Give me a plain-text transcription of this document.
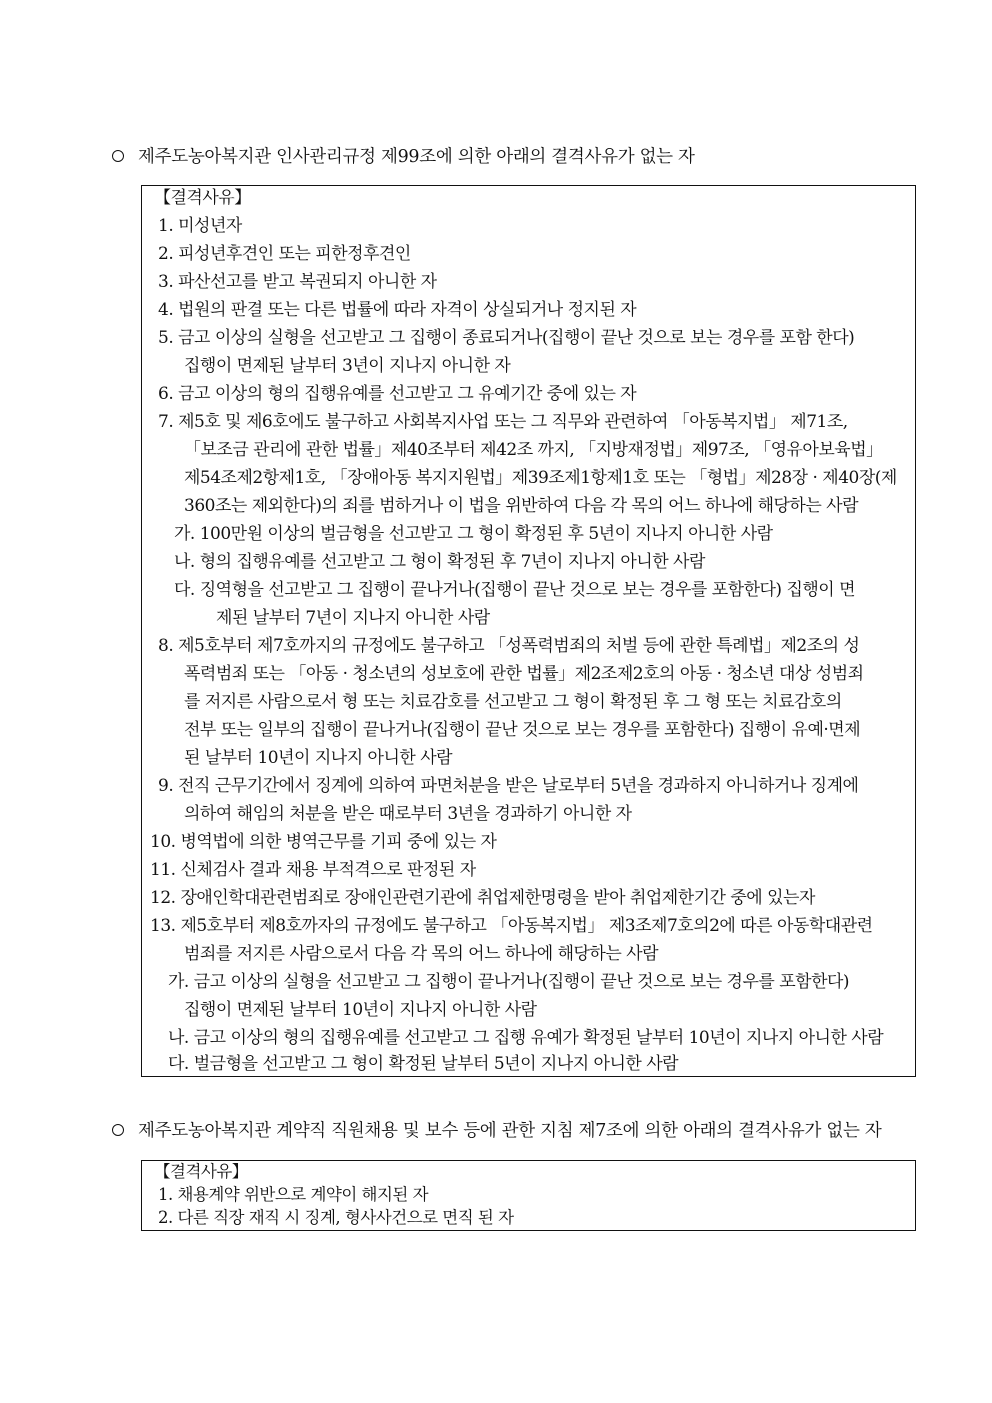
제주도농아복지관 인사관리규정 제99조에 의한 아래의 결격사유가 없는 자
【결격사유】
1. 미성년자
2. 피성년후견인 또는 피한정후견인
3. 파산선고를 받고 복권되지 아니한 자
4. 법원의 판결 또는 다른 법률에 따라 자격이 상실되거나 정지된 자
5. 금고 이상의 실형을 선고받고 그 집행이 종료되거나(집행이 끝난 것으로 보는 경우를 포함 한다)
집행이 면제된 날부터 3년이 지나지 아니한 자
6. 금고 이상의 형의 집행유예를 선고받고 그 유예기간 중에 있는 자
7. 제5호 및 제6호에도 불구하고 사회복지사업 또는 그 직무와 관련하여 「아동복지법」 제71조,
「보조금 관리에 관한 법률」제40조부터 제42조 까지, 「지방재정법」제97조, 「영유아보육법」
제54조제2항제1호, 「장애아동 복지지원법」제39조제1항제1호 또는 「형법」제28장 · 제40장(제
360조는 제외한다)의 죄를 범하거나 이 법을 위반하여 다음 각 목의 어느 하나에 해당하는 사람
가. 100만원 이상의 벌금형을 선고받고 그 형이 확정된 후 5년이 지나지 아니한 사람
나. 형의 집행유예를 선고받고 그 형이 확정된 후 7년이 지나지 아니한 사람
다. 징역형을 선고받고 그 집행이 끝나거나(집행이 끝난 것으로 보는 경우를 포함한다) 집행이 면
제된 날부터 7년이 지나지 아니한 사람
8. 제5호부터 제7호까지의 규정에도 불구하고 「성폭력범죄의 처벌 등에 관한 특례법」제2조의 성
폭력범죄 또는 「아동 · 청소년의 성보호에 관한 법률」제2조제2호의 아동 · 청소년 대상 성범죄
를 저지른 사람으로서 형 또는 치료감호를 선고받고 그 형이 확정된 후 그 형 또는 치료감호의
전부 또는 일부의 집행이 끝나거나(집행이 끝난 것으로 보는 경우를 포함한다) 집행이 유예·면제
된 날부터 10년이 지나지 아니한 사람
9. 전직 근무기간에서 징계에 의하여 파면처분을 받은 날로부터 5년을 경과하지 아니하거나 징계에
의하여 해임의 처분을 받은 때로부터 3년을 경과하기 아니한 자
10. 병역법에 의한 병역근무를 기피 중에 있는 자
11. 신체검사 결과 채용 부적격으로 판정된 자
12. 장애인학대관련범죄로 장애인관련기관에 취업제한명령을 받아 취업제한기간 중에 있는자
13. 제5호부터 제8호까자의 규정에도 불구하고 「아동복지법」 제3조제7호의2에 따른 아동학대관련
범죄를 저지른 사람으로서 다음 각 목의 어느 하나에 해당하는 사람
가. 금고 이상의 실형을 선고받고 그 집행이 끝나거나(집행이 끝난 것으로 보는 경우를 포함한다)
집행이 면제된 날부터 10년이 지나지 아니한 사람
나. 금고 이상의 형의 집행유예를 선고받고 그 집행 유예가 확정된 날부터 10년이 지나지 아니한 사람
다. 벌금형을 선고받고 그 형이 확정된 날부터 5년이 지나지 아니한 사람
제주도농아복지관 계약직 직원채용 및 보수 등에 관한 지침 제7조에 의한 아래의 결격사유가 없는 자
【결격사유】
1. 채용계약 위반으로 계약이 해지된 자
2. 다른 직장 재직 시 징계, 형사사건으로 면직 된 자
